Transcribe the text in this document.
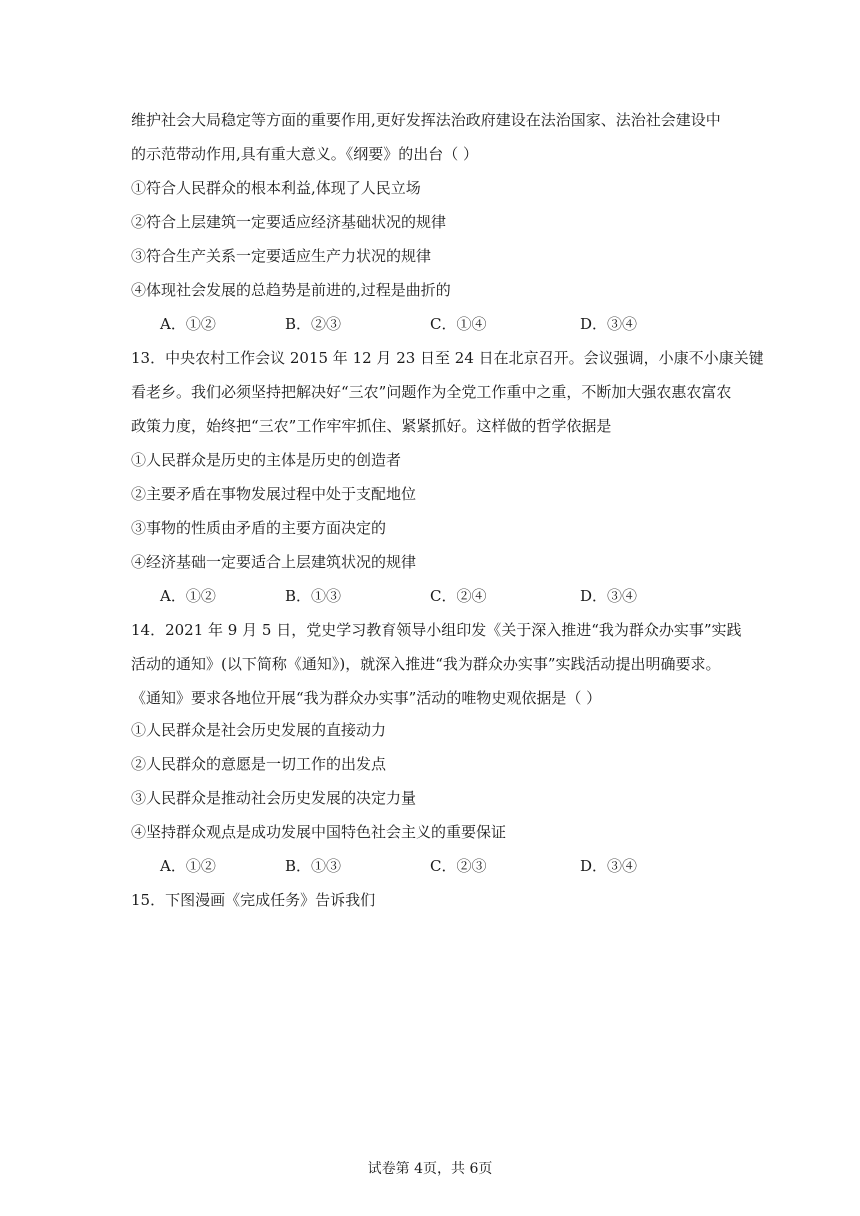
维护社会大局稳定等方面的重要作用,更好发挥法治政府建设在法治国家、法治社会建设中
的示范带动作用,具有重大意义。《纲要》的出台（ ）
①符合人民群众的根本利益,体现了人民立场
②符合上层建筑一定要适应经济基础状况的规律
③符合生产关系一定要适应生产力状况的规律
④体现社会发展的总趋势是前进的,过程是曲折的
A．①②	B．②③	C．①④	D．③④
13．中央农村工作会议 2015 年 12 月 23 日至 24 日在北京召开。会议强调，小康不小康关键
看老乡。我们必须坚持把解决好“三农”问题作为全党工作重中之重，不断加大强农惠农富农
政策力度，始终把“三农”工作牢牢抓住、紧紧抓好。这样做的哲学依据是
①人民群众是历史的主体是历史的创造者
②主要矛盾在事物发展过程中处于支配地位
③事物的性质由矛盾的主要方面决定的
④经济基础一定要适合上层建筑状况的规律
A．①②	B．①③	C．②④	D．③④
14．2021 年 9 月 5 日，党史学习教育领导小组印发《关于深入推进“我为群众办实事”实践
活动的通知》(以下简称《通知》)，就深入推进“我为群众办实事”实践活动提出明确要求。
《通知》要求各地位开展“我为群众办实事”活动的唯物史观依据是（ ）
①人民群众是社会历史发展的直接动力
②人民群众的意愿是一切工作的出发点
③人民群众是推动社会历史发展的决定力量
④坚持群众观点是成功发展中国特色社会主义的重要保证
A．①②	B．①③	C．②③	D．③④
15．下图漫画《完成任务》告诉我们
试卷第 4页，共 6页
